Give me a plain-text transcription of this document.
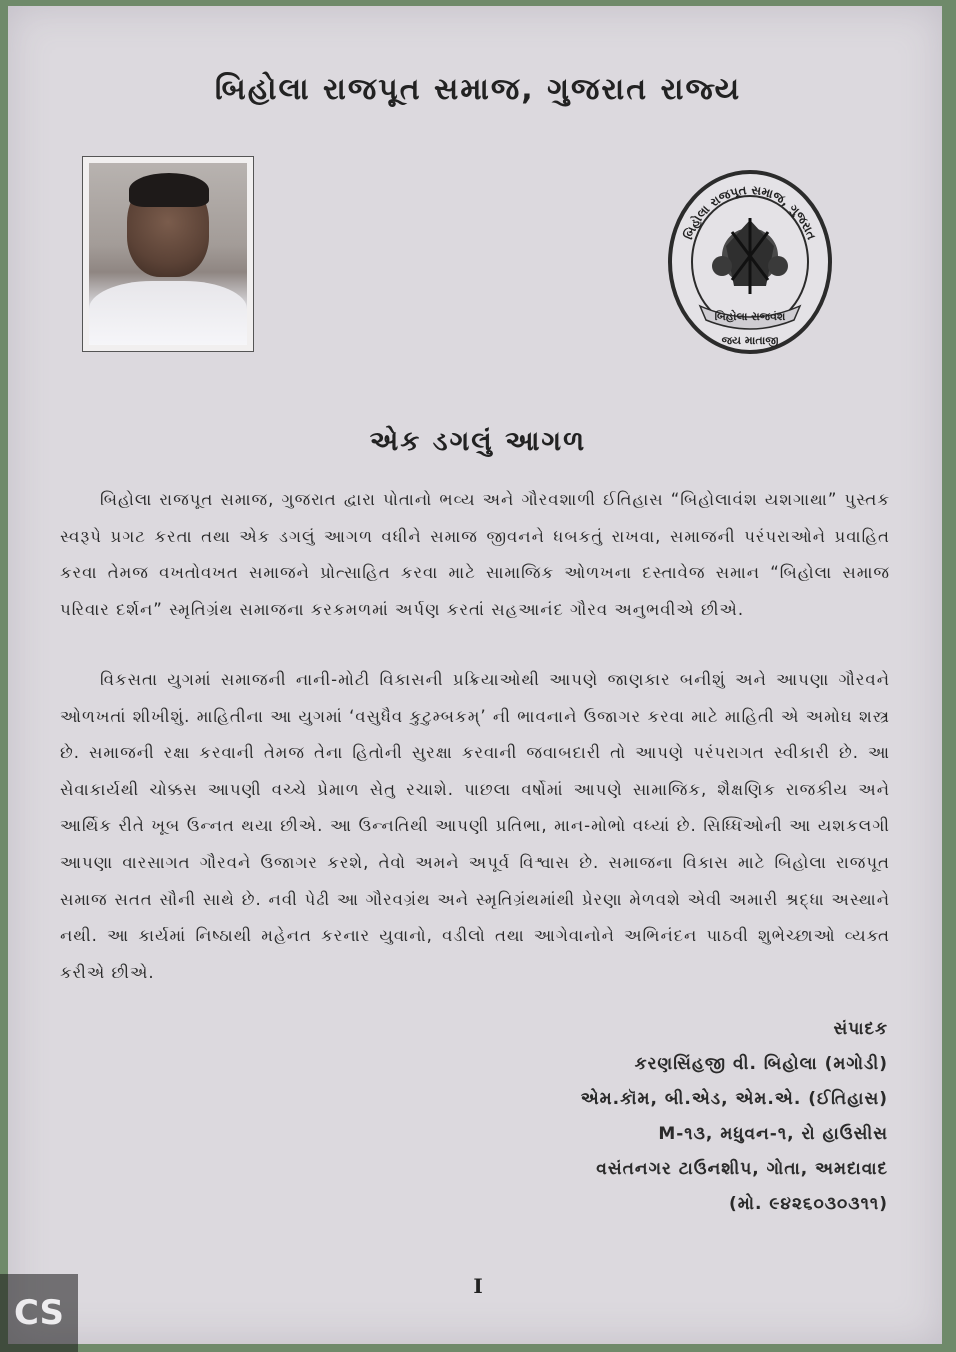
બિહોલા રાજપૂત સમાજ, ગુજરાત રાજ્ય
બિહોલા રાજપૂત સમાજ, ગુજરાત
બિહોલા રાજવંશ
જય માતાજી
એક ડગલું આગળ

બિહોલા રાજપૂત સમાજ, ગુજરાત દ્વારા પોતાનો ભવ્ય અને ગૌરવશાળી ઈતિહાસ “બિહોલાવંશ યશગાથા” પુસ્તક સ્વરૂપે પ્રગટ કરતા તથા એક ડગલું આગળ વધીને સમાજ જીવનને ધબકતું રાખવા, સમાજની પરંપરાઓને પ્રવાહિત કરવા તેમજ વખતોવખત સમાજને પ્રોત્સાહિત કરવા માટે સામાજિક ઓળખના દસ્તાવેજ સમાન “બિહોલા સમાજ પરિવાર દર્શન” સ્મૃતિગ્રંથ સમાજના કરકમળમાં અર્પણ કરતાં સહઆનંદ ગૌરવ અનુભવીએ છીએ.

વિકસતા યુગમાં સમાજની નાની-મોટી વિકાસની પ્રક્રિયાઓથી આપણે જાણકાર બનીશું અને આપણા ગૌરવને ઓળખતાં શીખીશું. માહિતીના આ યુગમાં ‘વસુધૈવ કુટુમ્બકમ્’ ની ભાવનાને ઉજાગર કરવા માટે માહિતી એ અમોઘ શસ્ત્ર છે. સમાજની રક્ષા કરવાની તેમજ તેના હિતોની સુરક્ષા કરવાની જવાબદારી તો આપણે પરંપરાગત સ્વીકારી છે. આ સેવાકાર્યથી ચોક્કસ આપણી વચ્ચે પ્રેમાળ સેતુ રચાશે. પાછલા વર્ષોમાં આપણે સામાજિક, શૈક્ષણિક રાજકીય અને આર્થિક રીતે ખૂબ ઉન્નત થયા છીએ. આ ઉન્નતિથી આપણી પ્રતિભા, માન-મોભો વધ્યાં છે. સિધ્ધિઓની આ યશકલગી આપણા વારસાગત ગૌરવને ઉજાગર કરશે, તેવો અમને અપૂર્વ વિશ્વાસ છે. સમાજના વિકાસ માટે બિહોલા રાજપૂત સમાજ સતત સૌની સાથે છે. નવી પેઢી આ ગૌરવગ્રંથ અને સ્મૃતિગ્રંથમાંથી પ્રેરણા મેળવશે એવી અમારી શ્રદ્ધા અસ્થાને નથી. આ કાર્યમાં નિષ્ઠાથી મહેનત કરનાર યુવાનો, વડીલો તથા આગેવાનોને અભિનંદન પાઠવી શુભેચ્છાઓ વ્યક્ત કરીએ છીએ.

સંપાદક
કરણસિંહજી વી. બિહોલા (મગોડી)
એમ.કૉમ, બી.એડ, એમ.એ. (ઈતિહાસ)
M-૧૩, મધુવન-૧, રો હાઉસીસ
વસંતનગર ટાઉનશીપ, ગોતા, અમદાવાદ
(મો. ૯૪૨૬૦૩૦૩૧૧)
I
CS
